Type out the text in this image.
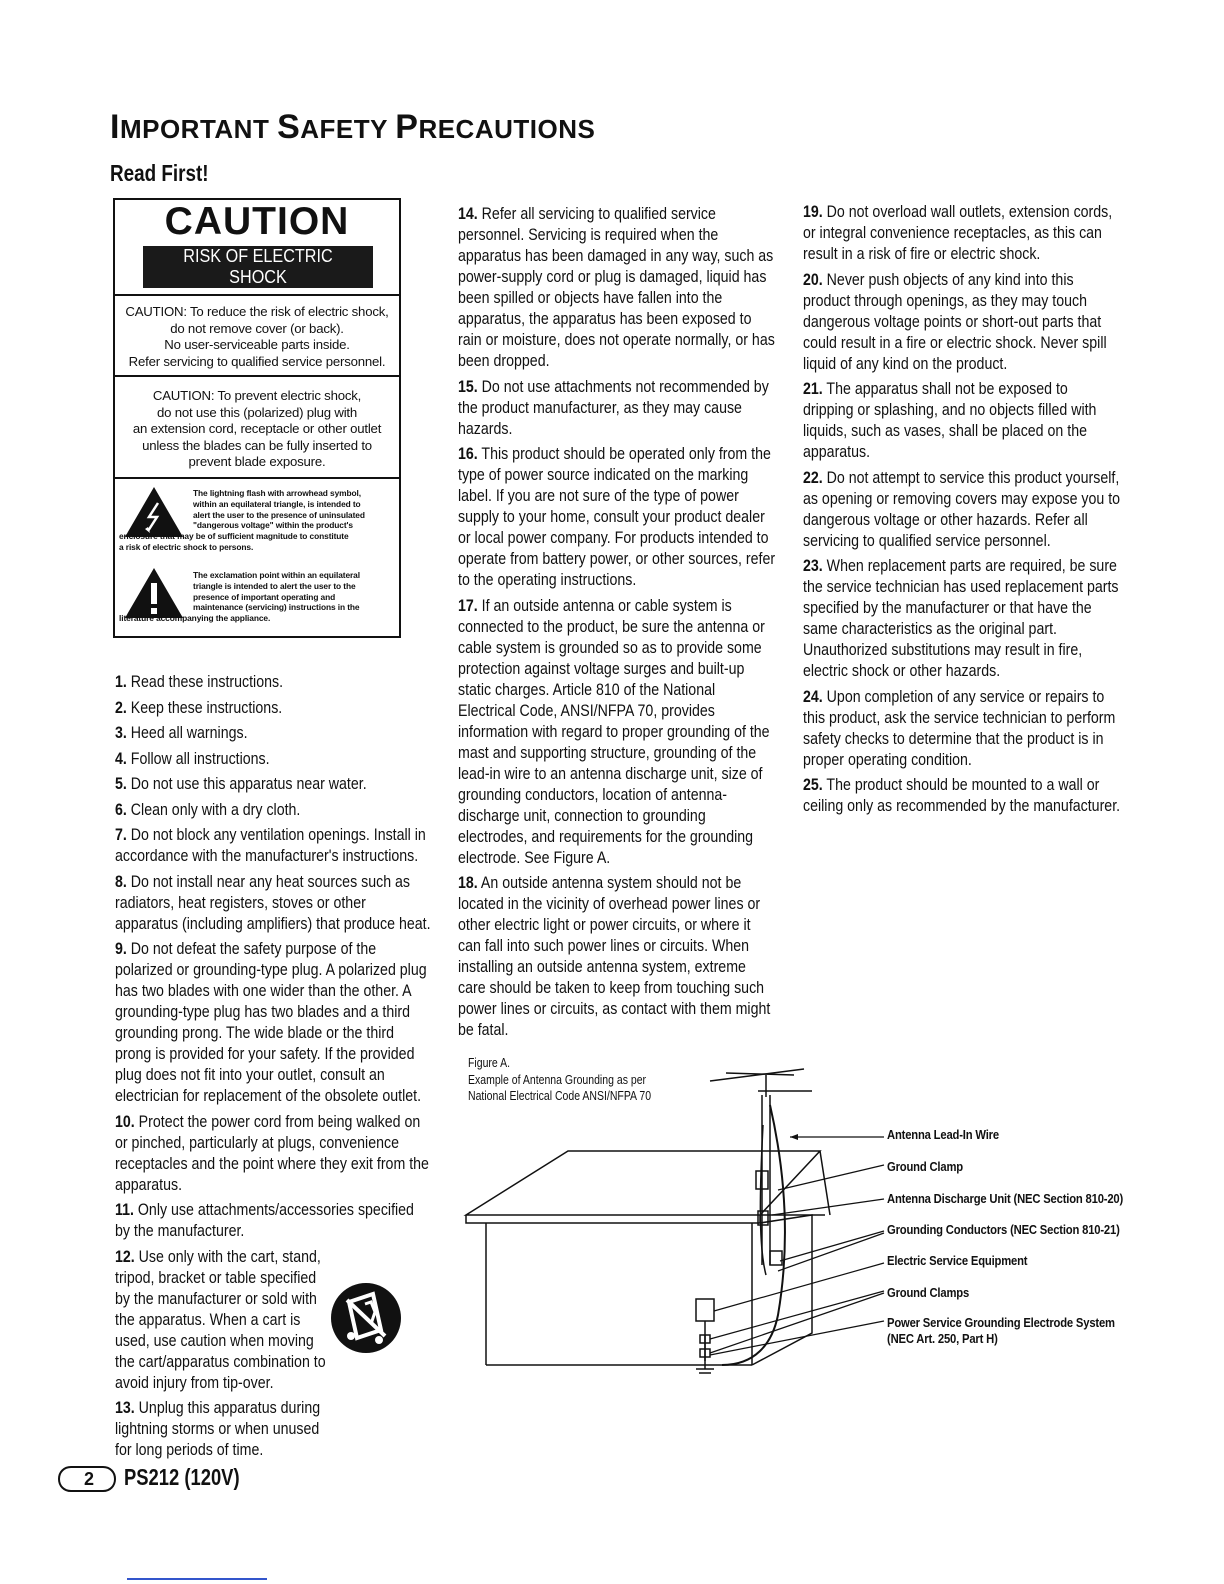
IMPORTANT SAFETY PRECAUTIONS
Read First!
CAUTION
RISK OF ELECTRIC SHOCK
DO NOT OPEN
CAUTION: To reduce the risk of electric shock,
do not remove cover (or back).
No user-serviceable parts inside.
Refer servicing to qualified service personnel.
CAUTION: To prevent electric shock,
do not use this (polarized) plug with
an extension cord, receptacle or other outlet
unless the blades can be fully inserted to
prevent blade exposure.
The lightning flash with arrowhead symbol,
within an equilateral triangle, is intended to
alert the user to the presence of uninsulated
"dangerous voltage" within the product's
enclosure that may be of sufficient magnitude to constitute
a risk of electric shock to persons.
The exclamation point within an equilateral
triangle is intended to alert the user to the
presence of important operating and
maintenance (servicing) instructions in the
literature accompanying the appliance.

1. Read these instructions.

2. Keep these instructions.

3. Heed all warnings.

4. Follow all instructions.

5. Do not use this apparatus near water.

6. Clean only with a dry cloth.

7. Do not block any ventilation openings. Install in accordance with the manufacturer's instructions.

8. Do not install near any heat sources such as radiators, heat registers, stoves or other apparatus (including amplifiers) that produce heat.

9. Do not defeat the safety purpose of the polarized or grounding-type plug. A polarized plug has two blades with one wider than the other. A grounding-type plug has two blades and a third grounding prong. The wide blade or the third prong is provided for your safety. If the provided plug does not fit into your outlet, consult an electrician for replacement of the obsolete outlet.

10. Protect the power cord from being walked on or pinched, particularly at plugs, convenience receptacles and the point where they exit from the apparatus.

11. Only use attachments/accessories specified by the manufacturer.

12. Use only with the cart, stand, tripod, bracket or table specified by the manufacturer or sold with the apparatus. When a cart is used, use caution when moving the cart/apparatus combination to avoid injury from tip-over.

13. Unplug this apparatus during lightning storms or when unused for long periods of time.

14. Refer all servicing to qualified service personnel. Servicing is required when the apparatus has been damaged in any way, such as power-supply cord or plug is damaged, liquid has been spilled or objects have fallen into the apparatus, the apparatus has been exposed to rain or moisture, does not operate normally, or has been dropped.

15. Do not use attachments not recommended by the product manufacturer, as they may cause hazards.

16. This product should be operated only from the type of power source indicated on the marking label. If you are not sure of the type of power supply to your home, consult your product dealer or local power company. For products intended to operate from battery power, or other sources, refer to the operating instructions.

17. If an outside antenna or cable system is connected to the product, be sure the antenna or cable system is grounded so as to provide some protection against voltage surges and built-up static charges. Article 810 of the National Electrical Code, ANSI/NFPA 70, provides information with regard to proper grounding of the mast and supporting structure, grounding of the lead-in wire to an antenna discharge unit, size of grounding conductors, location of antenna-discharge unit, connection to grounding electrodes, and requirements for the grounding electrode. See Figure A.

18. An outside antenna system should not be located in the vicinity of overhead power lines or other electric light or power circuits, or where it can fall into such power lines or circuits. When installing an outside antenna system, extreme care should be taken to keep from touching such power lines or circuits, as contact with them might be fatal.

19. Do not overload wall outlets, extension cords, or integral convenience receptacles, as this can result in a risk of fire or electric shock.

20. Never push objects of any kind into this product through openings, as they may touch dangerous voltage points or short-out parts that could result in a fire or electric shock. Never spill liquid of any kind on the product.

21. The apparatus shall not be exposed to dripping or splashing, and no objects filled with liquids, such as vases, shall be placed on the apparatus.

22. Do not attempt to service this product yourself, as opening or removing covers may expose you to dangerous voltage or other hazards. Refer all servicing to qualified service personnel.

23. When replacement parts are required, be sure the service technician has used replacement parts specified by the manufacturer or that have the same characteristics as the original part. Unauthorized substitutions may result in fire, electric shock or other hazards.

24. Upon completion of any service or repairs to this product, ask the service technician to perform safety checks to determine that the product is in proper operating condition.

25. The product should be mounted to a wall or ceiling only as recommended by the manufacturer.

Figure A.
Example of Antenna Grounding as per
National Electrical Code ANSI/NFPA 70
Antenna Lead-In Wire
Ground Clamp
Antenna Discharge Unit (NEC Section 810-20)
Grounding Conductors (NEC Section 810-21)
Electric Service Equipment
Ground Clamps
Power Service Grounding Electrode System
(NEC Art. 250, Part H)
2 PS212 (120V)
